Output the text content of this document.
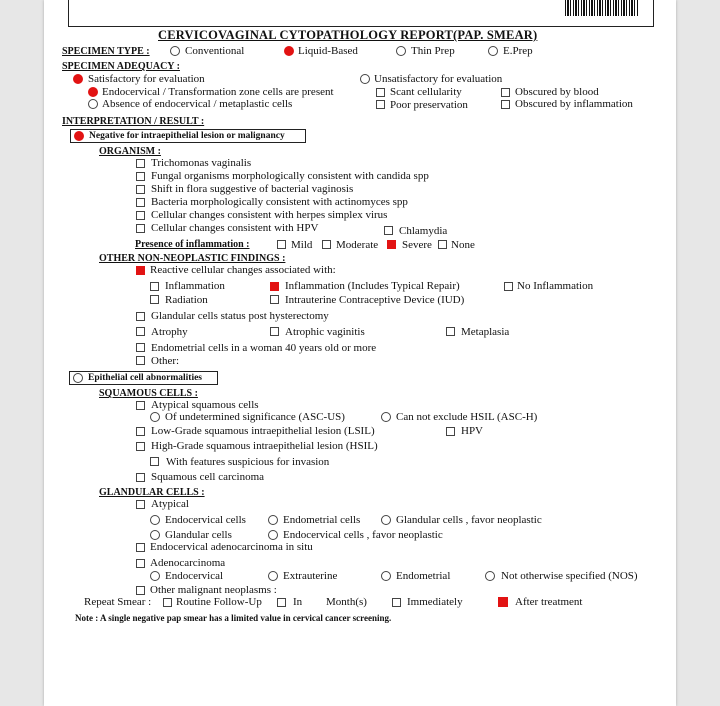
CERVICOVAGINAL CYTOPATHOLOGY REPORT(PAP. SMEAR)
SPECIMEN TYPE :	Conventional	Liquid-Based	Thin Prep	E.Prep
SPECIMEN ADEQUACY :
Satisfactory for evaluation	Unsatisfactory for evaluation
Endocervical / Transformation zone cells are present
Absence of endocervical / metaplastic cells
Scant cellularity
Poor preservation
Obscured by blood
Obscured by inflammation
INTERPRETATION / RESULT :
Negative for intraepithelial lesion or malignancy
ORGANISM :
Trichomonas vaginalis
Fungal organisms morphologically consistent with candida spp
Shift in flora suggestive of bacterial vaginosis
Bacteria morphologically consistent with actinomyces spp
Cellular changes consistent with herpes simplex virus
Cellular changes consistent with HPV	Chlamydia
Presence of inflammation :	Mild Moderate Severe None
OTHER NON-NEOPLASTIC FINDINGS :
Reactive cellular changes associated with:
Inflammation	Inflammation (Includes Typical Repair)	No Inflammation
Radiation	Intrauterine Contraceptive Device (IUD)
Glandular cells status post hysterectomy
Atrophy	Atrophic vaginitis	Metaplasia
Endometrial cells in a woman 40 years old or more
Other:
Epithelial cell abnormalities
SQUAMOUS CELLS :
Atypical squamous cells
Of undetermined significance (ASC-US)	Can not exclude HSIL (ASC-H)
Low-Grade squamous intraepithelial lesion (LSIL)	HPV
High-Grade squamous intraepithelial lesion (HSIL)
With features suspicious for invasion
Squamous cell carcinoma
GLANDULAR CELLS :
Atypical
Endocervical cells	Endometrial cells	Glandular cells , favor neoplastic
Glandular cells	Endocervical cells , favor neoplastic
Endocervical adenocarcinoma in situ
Adenocarcinoma
Endocervical	Extrauterine	Endometrial	Not otherwise specified (NOS)
Other malignant neoplasms :
Repeat Smear : Routine Follow-Up	In Month(s)	Immediately	After treatment
Note : A single negative pap smear has a limited value in cervical cancer screening.
